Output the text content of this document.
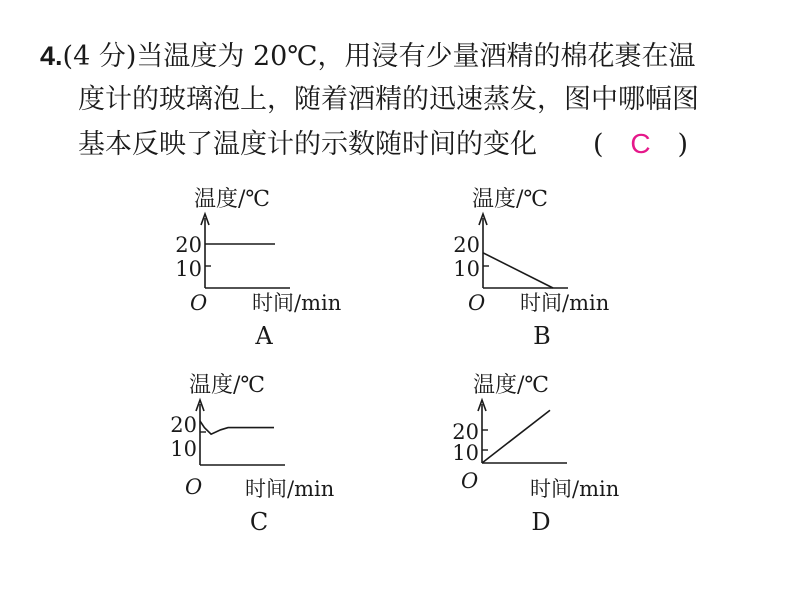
4.(4 分)当温度为 20℃，用浸有少量酒精的棉花裹在温
度计的玻璃泡上，随着酒精的迅速蒸发，图中哪幅图
基本反映了温度计的示数随时间的变化 ( C )
温度/℃
20
10
O 时间/min
A
温度/℃
20
10
O 时间/min
B
温度/℃
20
10
O 时间/min
C
温度/℃
20
10
O 时间/min
D
